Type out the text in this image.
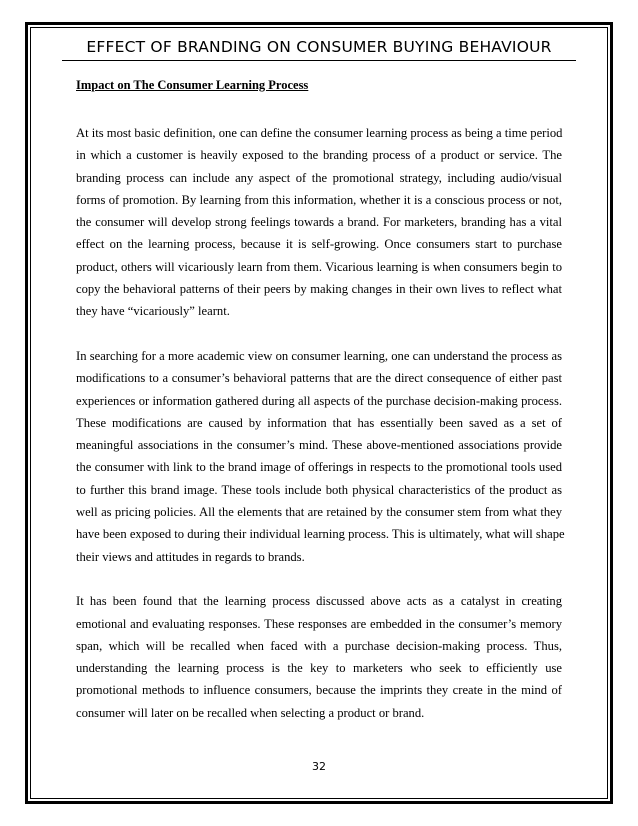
EFFECT OF BRANDING ON CONSUMER BUYING BEHAVIOUR
Impact on The Consumer Learning Process
At its most basic definition, one can define the consumer learning process as being a time period
in which a customer is heavily exposed to the branding process of a product or service. The
branding process can include any aspect of the promotional strategy, including audio/visual
forms of promotion. By learning from this information, whether it is a conscious process or not,
the consumer will develop strong feelings towards a brand. For marketers, branding has a vital
effect on the learning process, because it is self-growing. Once consumers start to purchase
product, others will vicariously learn from them. Vicarious learning is when consumers begin to
copy the behavioral patterns of their peers by making changes in their own lives to reflect what
they have “vicariously” learnt.
In searching for a more academic view on consumer learning, one can understand the process as
modifications to a consumer’s behavioral patterns that are the direct consequence of either past
experiences or information gathered during all aspects of the purchase decision-making process.
These modifications are caused by information that has essentially been saved as a set of
meaningful associations in the consumer’s mind. These above-mentioned associations provide
the consumer with link to the brand image of offerings in respects to the promotional tools used
to further this brand image. These tools include both physical characteristics of the product as
well as pricing policies. All the elements that are retained by the consumer stem from what they
have been exposed to during their individual learning process. This is ultimately, what will shape
their views and attitudes in regards to brands.
It has been found that the learning process discussed above acts as a catalyst in creating
emotional and evaluating responses. These responses are embedded in the consumer’s memory
span, which will be recalled when faced with a purchase decision-making process. Thus,
understanding the learning process is the key to marketers who seek to efficiently use
promotional methods to influence consumers, because the imprints they create in the mind of
consumer will later on be recalled when selecting a product or brand.
32
